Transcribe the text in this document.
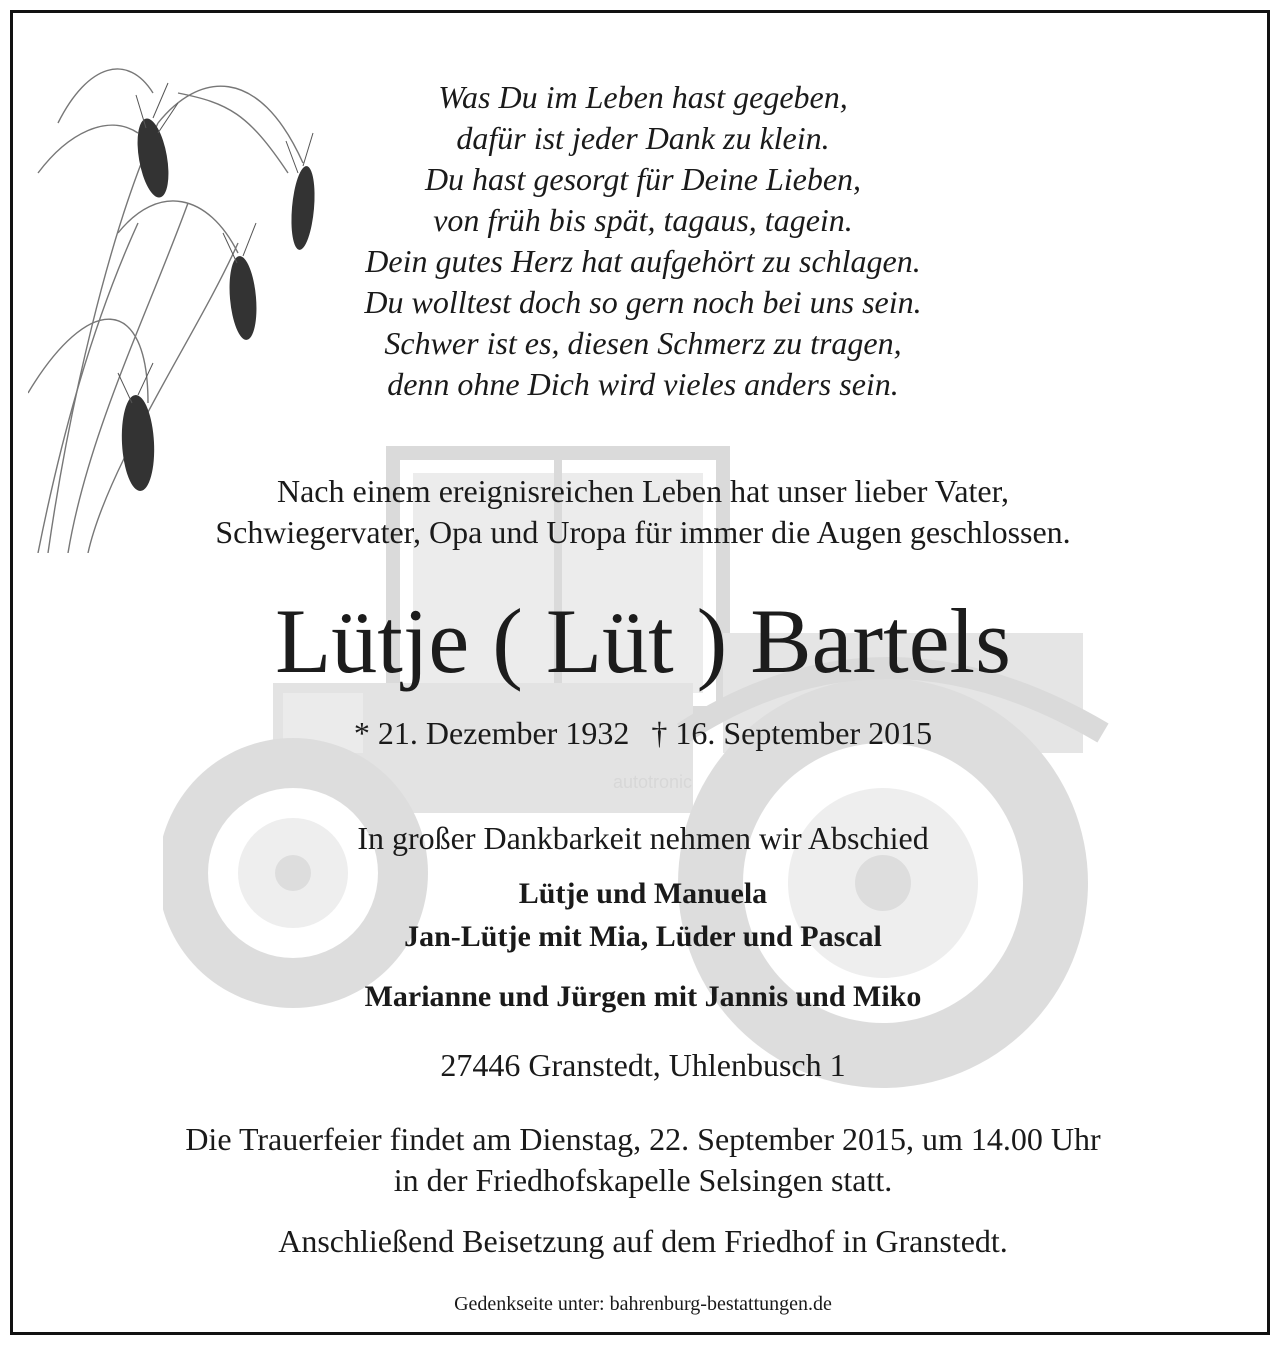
autotronic
Was Du im Leben hast gegeben,
dafür ist jeder Dank zu klein.
Du hast gesorgt für Deine Lieben,
von früh bis spät, tagaus, tagein.
Dein gutes Herz hat aufgehört zu schlagen.
Du wolltest doch so gern noch bei uns sein.
Schwer ist es, diesen Schmerz zu tragen,
denn ohne Dich wird vieles anders sein.
Nach einem ereignisreichen Leben hat unser lieber Vater,
Schwiegervater, Opa und Uropa für immer die Augen geschlossen.
Lütje ( Lüt ) Bartels
* 21. Dezember 1932 † 16. September 2015
In großer Dankbarkeit nehmen wir Abschied
Lütje und Manuela
Jan-Lütje mit Mia, Lüder und Pascal
Marianne und Jürgen mit Jannis und Miko
27446 Granstedt, Uhlenbusch 1
Die Trauerfeier findet am Dienstag, 22. September 2015, um 14.00 Uhr
in der Friedhofskapelle Selsingen statt.
Anschließend Beisetzung auf dem Friedhof in Granstedt.
Gedenkseite unter: bahrenburg-bestattungen.de
